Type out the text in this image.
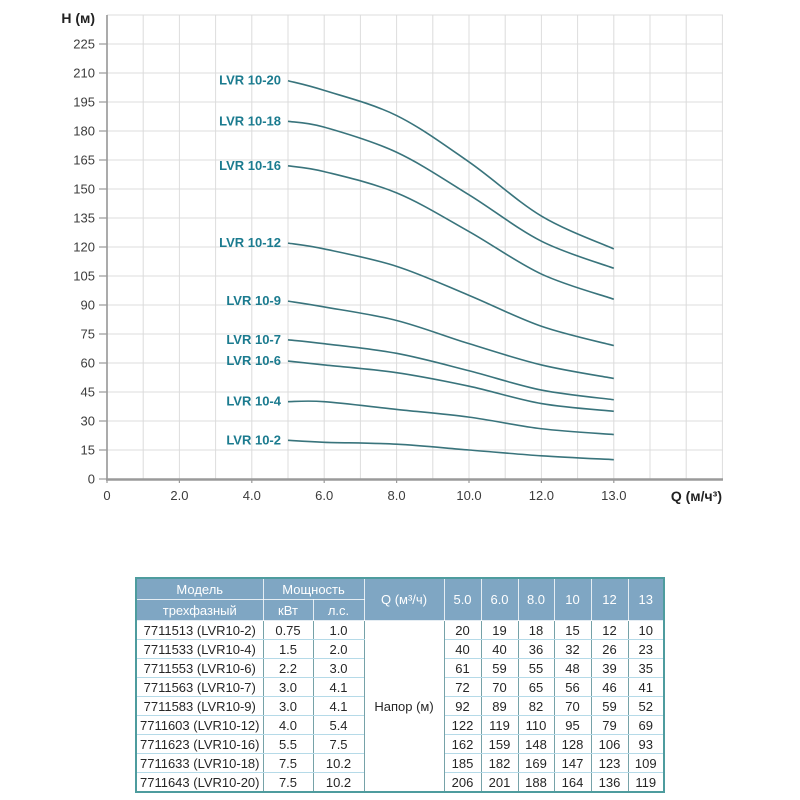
0
15
30
45
60
75
90
105
120
135
150
165
180
195
210
225
0	2.0	4.0	6.0	8.0	10.0	12.0	13.0
H (м)
Q (м/ч³)
LVR 10-2
LVR 10-4
LVR 10-6
LVR 10-7
LVR 10-9
LVR 10-12
LVR 10-16
LVR 10-18
LVR 10-20
Модель	Мощность		Q (м³/ч)	5.0	6.0	8.0	10	12	13
трехфазный	кВт	л.с.							
7711513 (LVR10-2)	0.75	1.0	Напор (м)	20	19	18	15	12	10
7711533 (LVR10-4)	1.5	2.0		40	40	36	32	26	23
7711553 (LVR10-6)	2.2	3.0		61	59	55	48	39	35
7711563 (LVR10-7)	3.0	4.1		72	70	65	56	46	41
7711583 (LVR10-9)	3.0	4.1		92	89	82	70	59	52
7711603 (LVR10-12)	4.0	5.4		122	119	110	95	79	69
7711623 (LVR10-16)	5.5	7.5		162	159	148	128	106	93
7711633 (LVR10-18)	7.5	10.2		185	182	169	147	123	109
7711643 (LVR10-20)	7.5	10.2		206	201	188	164	136	119
